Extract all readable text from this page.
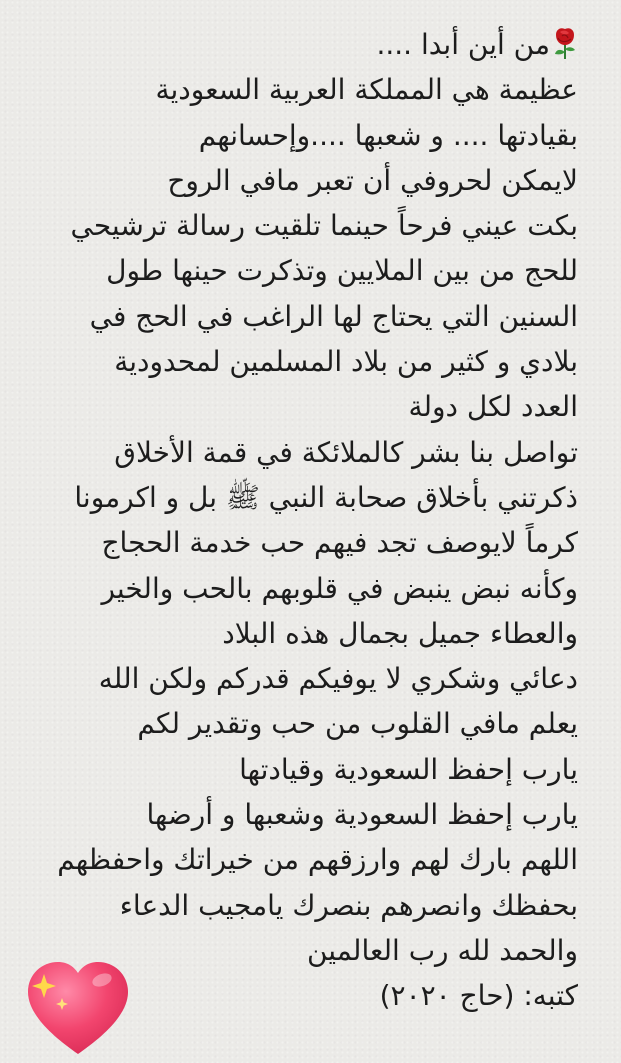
من أين أبدا ....
عظيمة هي المملكة العربية السعودية
بقيادتها .... و شعبها ....وإحسانهم
لايمكن لحروفي أن تعبر مافي الروح
بكت عيني فرحاً حينما تلقيت رسالة ترشيحي
للحج من بين الملايين وتذكرت حينها طول
السنين التي يحتاج لها الراغب في الحج في
بلادي و كثير من بلاد المسلمين لمحدودية
العدد لكل دولة
تواصل بنا بشر كالملائكة في قمة الأخلاق
ذكرتني بأخلاق صحابة النبي ﷺ بل و اكرمونا
كرماً لايوصف تجد فيهم حب خدمة الحجاج
وكأنه نبض ينبض في قلوبهم بالحب والخير
والعطاء جميل بجمال هذه البلاد
دعائي وشكري لا يوفيكم قدركم ولكن الله
يعلم مافي القلوب من حب وتقدير لكم
يارب إحفظ السعودية وقيادتها
يارب إحفظ السعودية وشعبها و أرضها
اللهم بارك لهم وارزقهم من خيراتك واحفظهم
بحفظك وانصرهم بنصرك يامجيب الدعاء
والحمد لله رب العالمين
كتبه: (حاج ٢٠٢٠)
